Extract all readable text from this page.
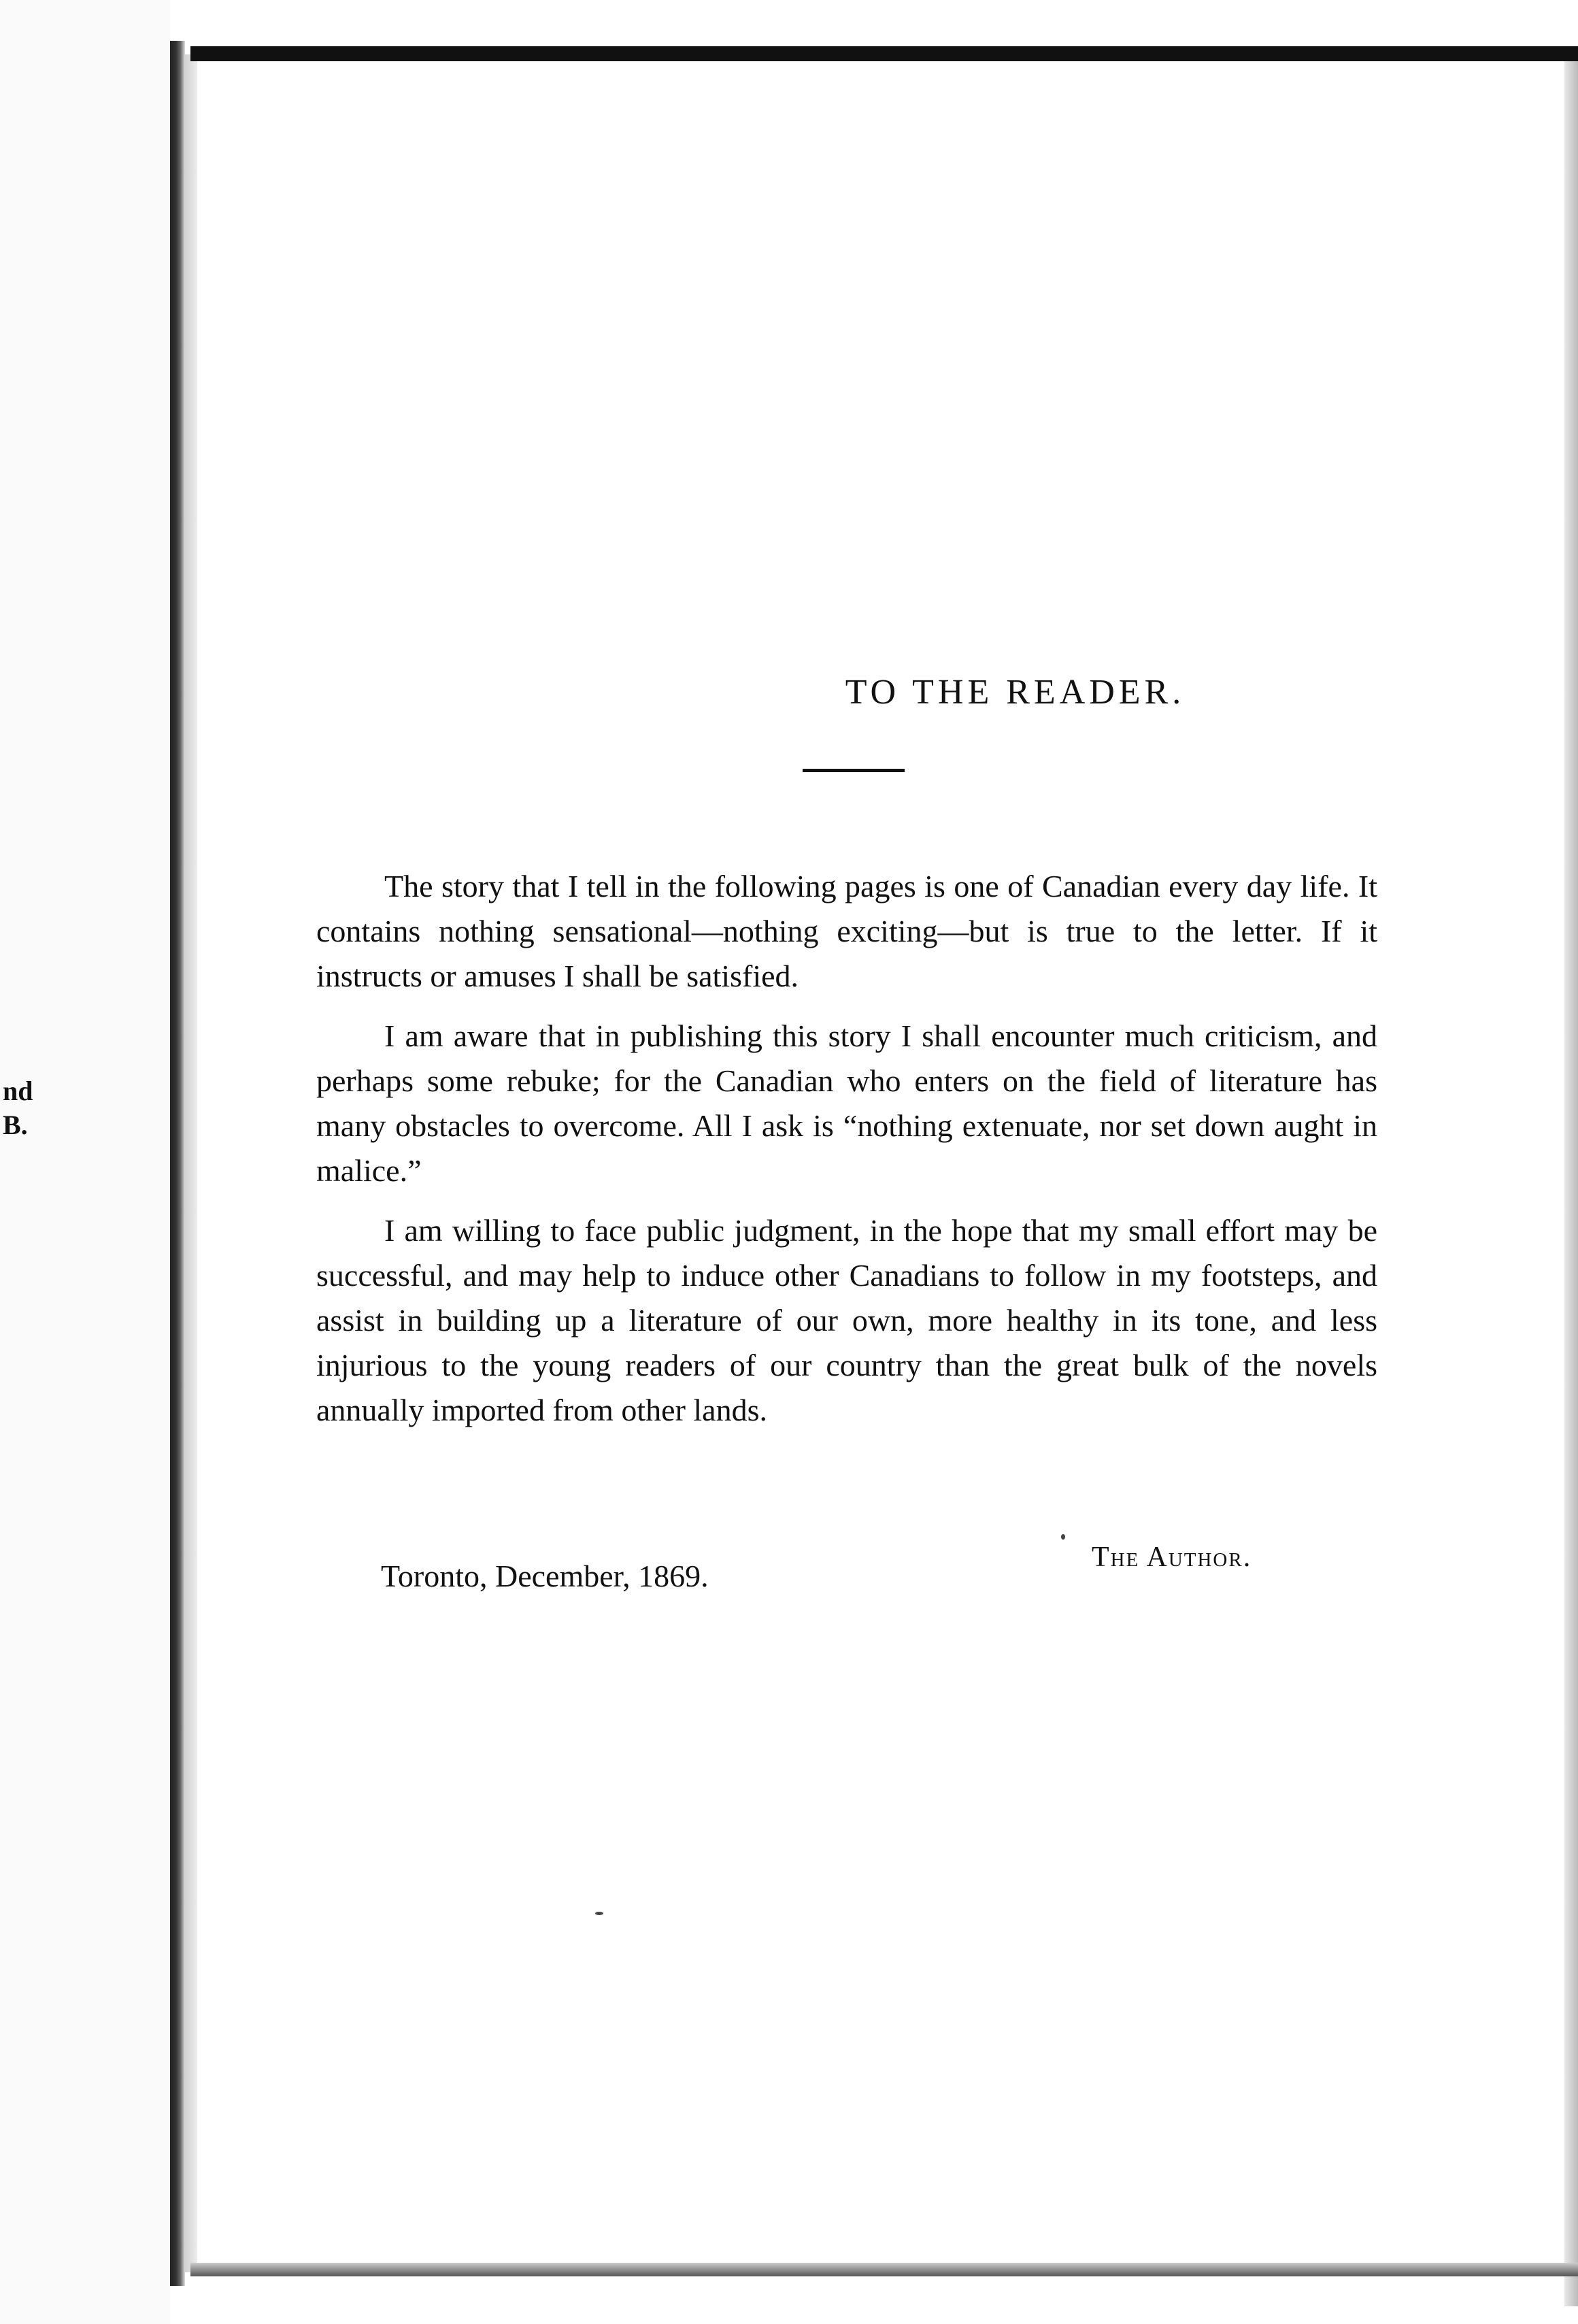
nd
B.
TO THE READER.

The story that I tell in the following pages is one of Canadian every day life. It contains nothing sensational—nothing exciting—but is true to the letter. If it instructs or amuses I shall be satisfied.

I am aware that in publishing this story I shall encounter much criticism, and perhaps some rebuke; for the Canadian who enters on the field of literature has many obstacles to overcome. All I ask is “nothing extenuate, nor set down aught in malice.”

I am willing to face public judgment, in the hope that my small effort may be successful, and may help to induce other Canadians to follow in my footsteps, and assist in building up a literature of our own, more healthy in its tone, and less injurious to the young readers of our country than the great bulk of the novels annually imported from other lands.

The Author.
Toronto, December, 1869.
